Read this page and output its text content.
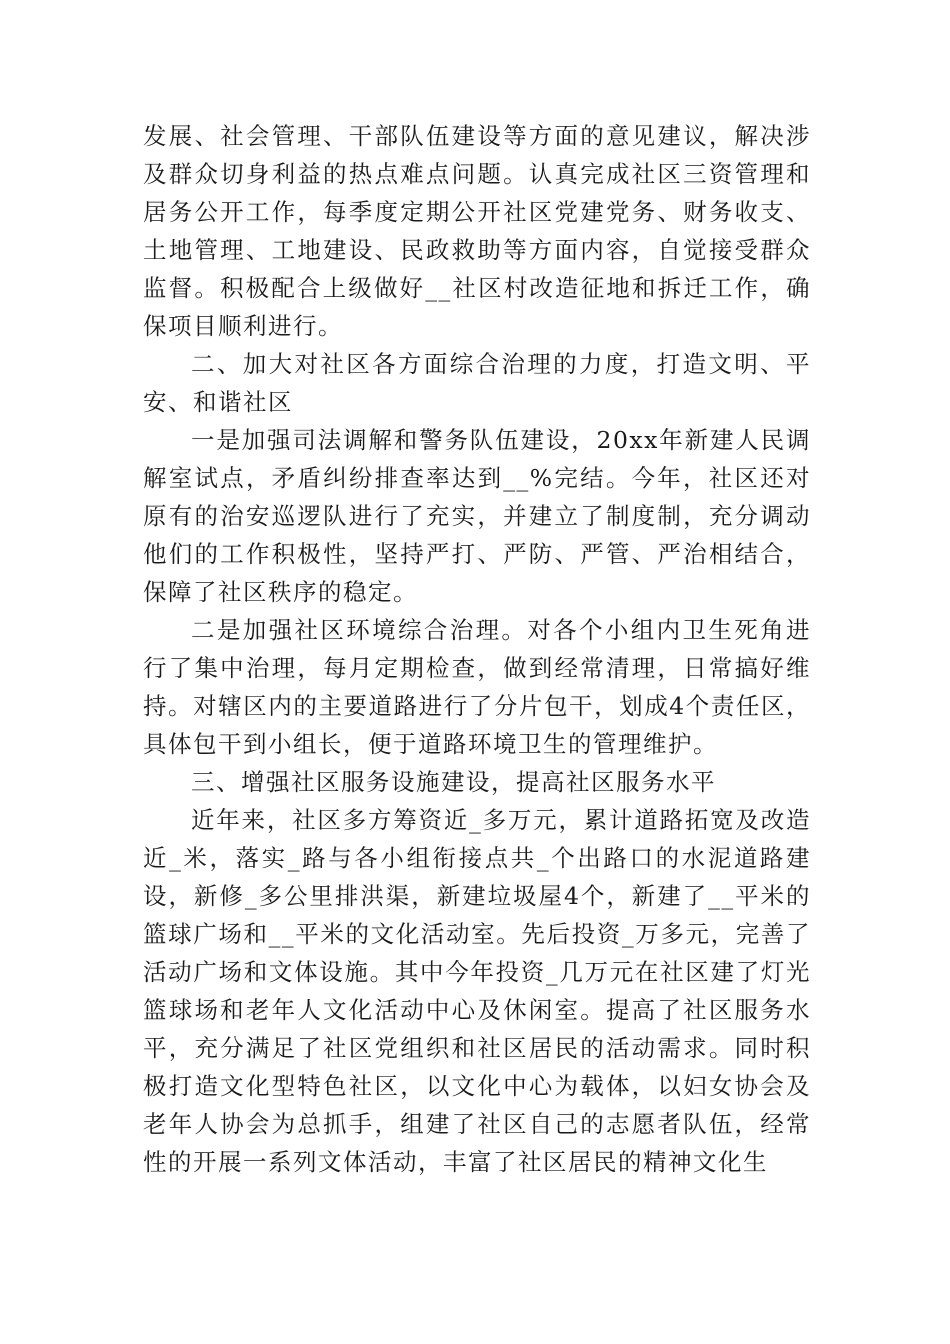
发展、社会管理、干部队伍建设等方面的意见建议，解决涉及群众切身利益的热点难点问题。认真完成社区三资管理和居务公开工作，每季度定期公开社区党建党务、财务收支、土地管理、工地建设、民政救助等方面内容，自觉接受群众监督。积极配合上级做好__社区村改造征地和拆迁工作，确保项目顺利进行。

二、加大对社区各方面综合治理的力度，打造文明、平安、和谐社区

一是加强司法调解和警务队伍建设，20xx年新建人民调解室试点，矛盾纠纷排查率达到__%完结。今年，社区还对原有的治安巡逻队进行了充实，并建立了制度制，充分调动他们的工作积极性，坚持严打、严防、严管、严治相结合，保障了社区秩序的稳定。

二是加强社区环境综合治理。对各个小组内卫生死角进行了集中治理，每月定期检查，做到经常清理，日常搞好维持。对辖区内的主要道路进行了分片包干，划成4个责任区，具体包干到小组长，便于道路环境卫生的管理维护。

三、增强社区服务设施建设，提高社区服务水平

近年来，社区多方筹资近_多万元，累计道路拓宽及改造近_米，落实_路与各小组衔接点共_个出路口的水泥道路建设，新修_多公里排洪渠，新建垃圾屋4个，新建了__平米的篮球广场和__平米的文化活动室。先后投资_万多元，完善了活动广场和文体设施。其中今年投资_几万元在社区建了灯光篮球场和老年人文化活动中心及休闲室。提高了社区服务水平，充分满足了社区党组织和社区居民的活动需求。同时积极打造文化型特色社区，以文化中心为载体，以妇女协会及老年人协会为总抓手，组建了社区自己的志愿者队伍，经常性的开展一系列文体活动，丰富了社区居民的精神文化生
